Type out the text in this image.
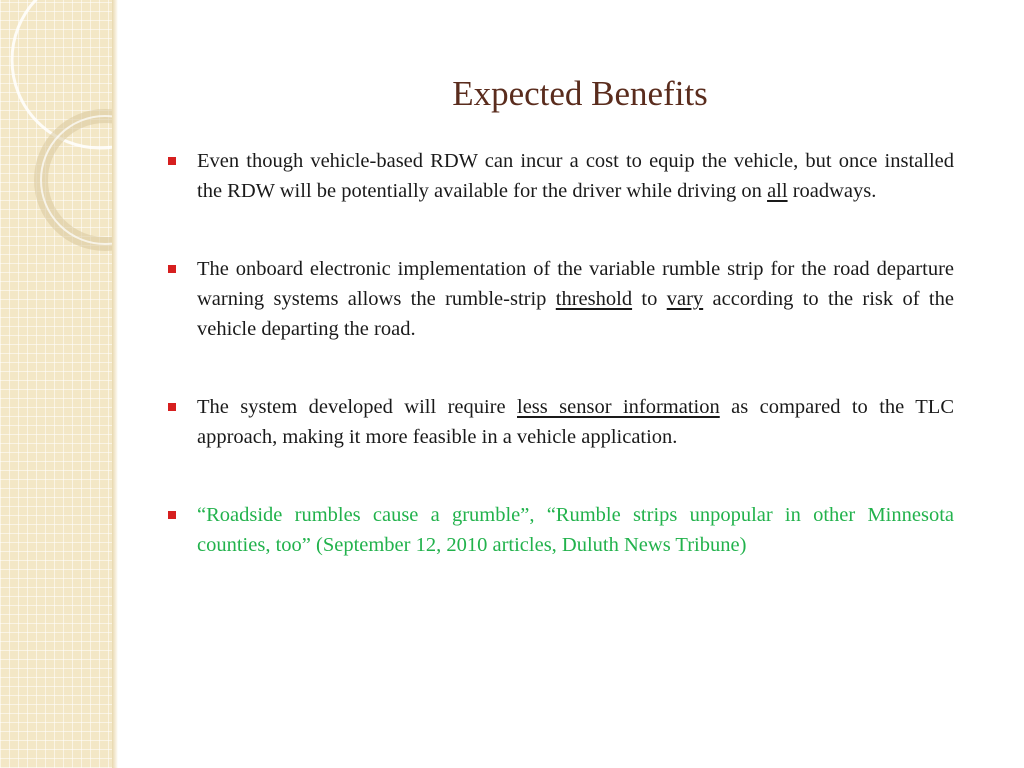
Expected Benefits
Even though vehicle-based RDW can incur a cost to equip the vehicle, but once installed the RDW will be potentially available for the driver while driving on all roadways.
The onboard electronic implementation of the variable rumble strip for the road departure warning systems allows the rumble-strip threshold to vary according to the risk of the vehicle departing the road.
The system developed will require less sensor information as compared to the TLC approach, making it more feasible in a vehicle application.
“Roadside rumbles cause a grumble”, “Rumble strips unpopular in other Minnesota counties, too” (September 12, 2010 articles, Duluth News Tribune)
